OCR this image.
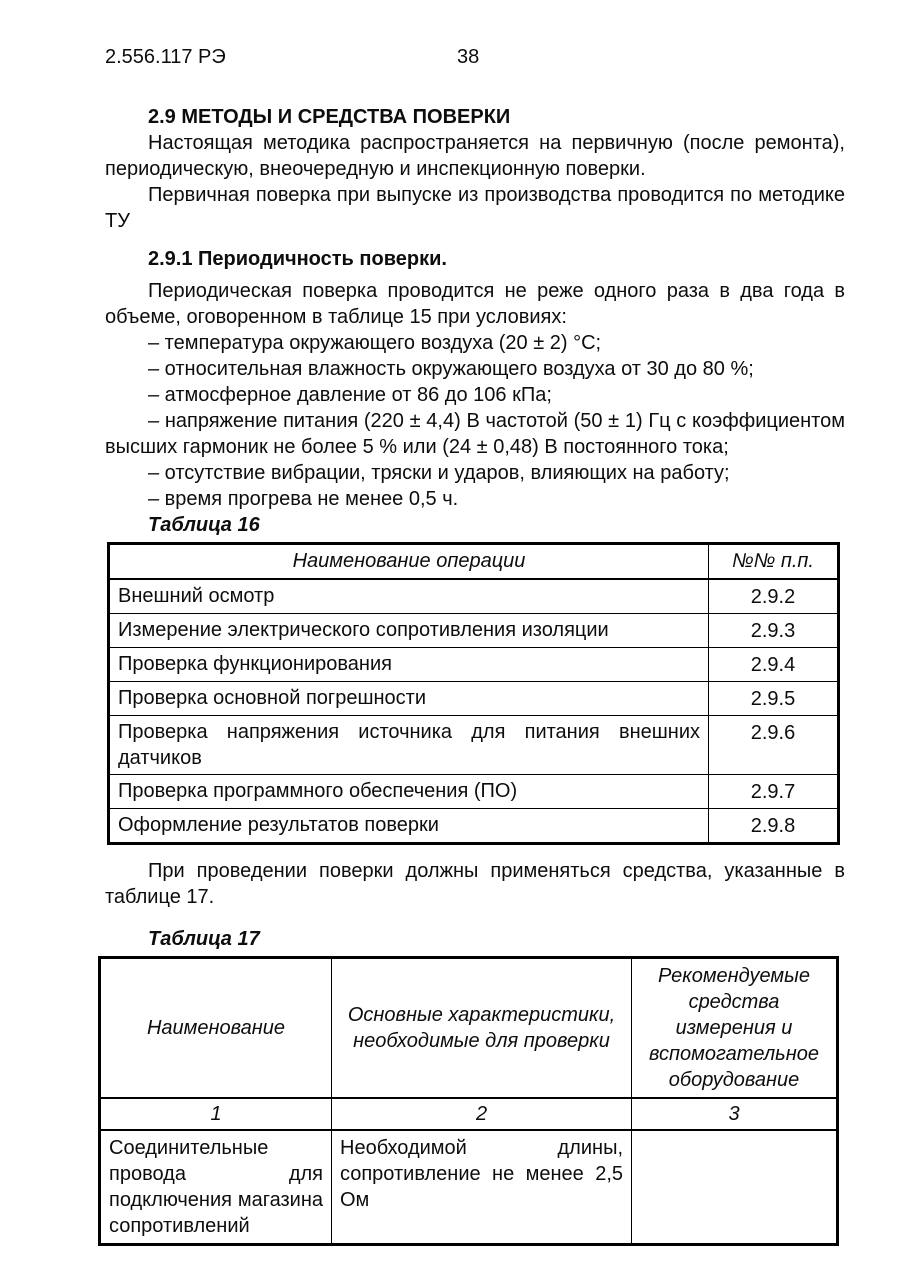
2.556.117 РЭ	38

2.9 МЕТОДЫ И СРЕДСТВА ПОВЕРКИ

Настоящая методика распространяется на первичную (после ремонта), периодическую, внеочередную и инспекционную поверки.

Первичная поверка при выпуске из производства проводится по методике ТУ

2.9.1 Периодичность поверки.

Периодическая поверка проводится не реже одного раза в два года в объеме, оговоренном в таблице 15 при условиях:

– температура окружающего воздуха (20 ± 2) °С;

– относительная влажность окружающего воздуха от 30 до 80 %;

– атмосферное давление от 86 до 106 кПа;

– напряжение питания (220 ± 4,4) В частотой (50 ± 1) Гц с коэффициентом высших гармоник не более 5 % или (24 ± 0,48) В постоянного тока;

– отсутствие вибрации, тряски и ударов, влияющих на работу;

– время прогрева не менее 0,5 ч.

Таблица 16

Наименование операции	№№ п.п.
Внешний осмотр	2.9.2
Измерение электрического сопротивления изоляции	2.9.3
Проверка функционирования	2.9.4
Проверка основной погрешности	2.9.5
Проверка напряжения источника для питания внешних датчиков	2.9.6
Проверка программного обеспечения (ПО)	2.9.7
Оформление результатов поверки	2.9.8

При проведении поверки должны применяться средства, указанные в таблице 17.

Таблица 17

Наименование	Основные характеристики, необходимые для проверки	Рекомендуемые средства измерения и вспомогательное оборудование
1	2	3
Соединительные провода для подключения магазина сопротивлений	Необходимой длины, сопротивление не менее 2,5 Ом	
